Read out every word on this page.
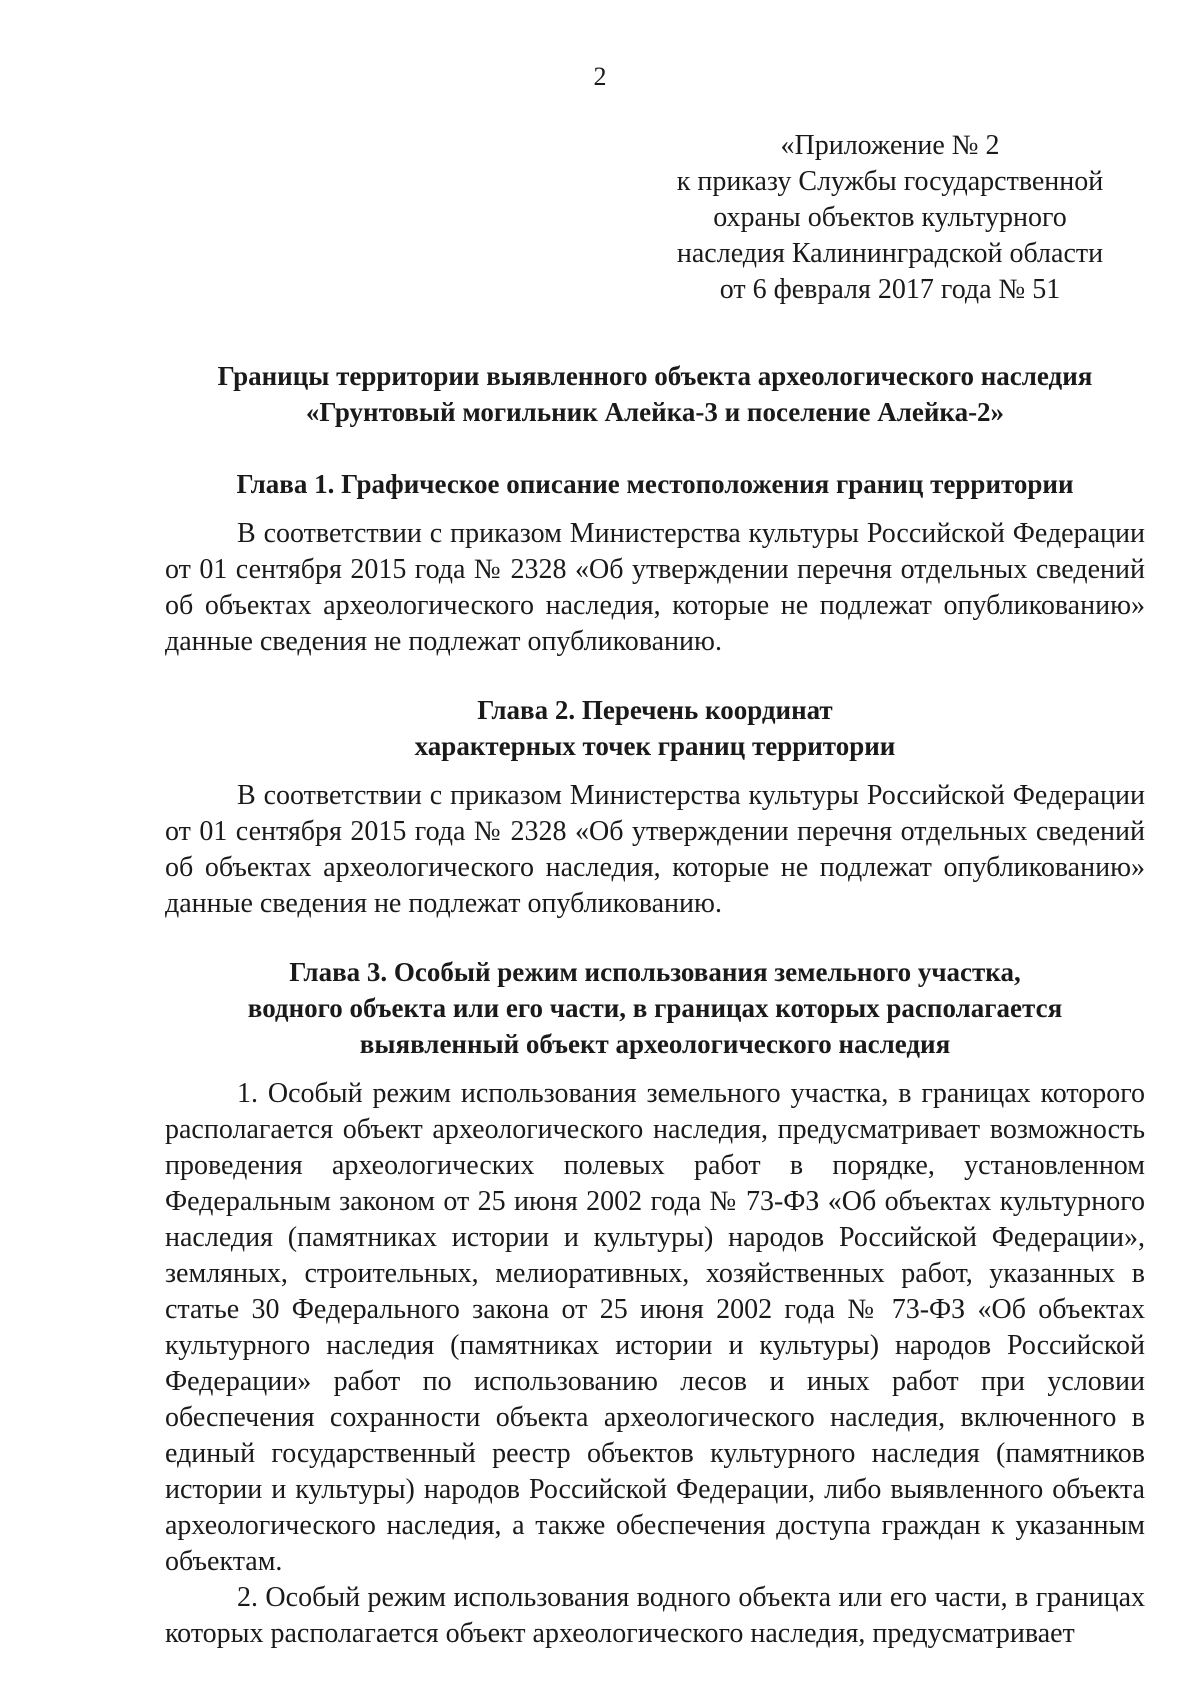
2
«Приложение № 2
к приказу Службы государственной
охраны объектов культурного
наследия Калининградской области
от 6 февраля 2017 года № 51
Границы территории выявленного объекта археологического наследия
«Грунтовый могильник Алейка-3 и поселение Алейка-2»
Глава 1. Графическое описание местоположения границ территории

В соответствии с приказом Министерства культуры Российской Федерации от 01 сентября 2015 года № 2328 «Об утверждении перечня отдельных сведений об объектах археологического наследия, которые не подлежат опубликованию» данные сведения не подлежат опубликованию.

Глава 2. Перечень координат
характерных точек границ территории

В соответствии с приказом Министерства культуры Российской Федерации от 01 сентября 2015 года № 2328 «Об утверждении перечня отдельных сведений об объектах археологического наследия, которые не подлежат опубликованию» данные сведения не подлежат опубликованию.

Глава 3. Особый режим использования земельного участка,
водного объекта или его части, в границах которых располагается
выявленный объект археологического наследия

1. Особый режим использования земельного участка, в границах которого располагается объект археологического наследия, предусматривает возможность проведения археологических полевых работ в порядке, установленном Федеральным законом от 25 июня 2002 года № 73-ФЗ «Об объектах культурного наследия (памятниках истории и культуры) народов Российской Федерации», земляных, строительных, мелиоративных, хозяйственных работ, указанных в статье 30 Федерального закона от 25 июня 2002 года № 73-ФЗ «Об объектах культурного наследия (памятниках истории и культуры) народов Российской Федерации» работ по использованию лесов и иных работ при условии обеспечения сохранности объекта археологического наследия, включенного в единый государственный реестр объектов культурного наследия (памятников истории и культуры) народов Российской Федерации, либо выявленного объекта археологического наследия, а также обеспечения доступа граждан к указанным объектам.

2. Особый режим использования водного объекта или его части, в границах которых располагается объект археологического наследия, предусматривает
